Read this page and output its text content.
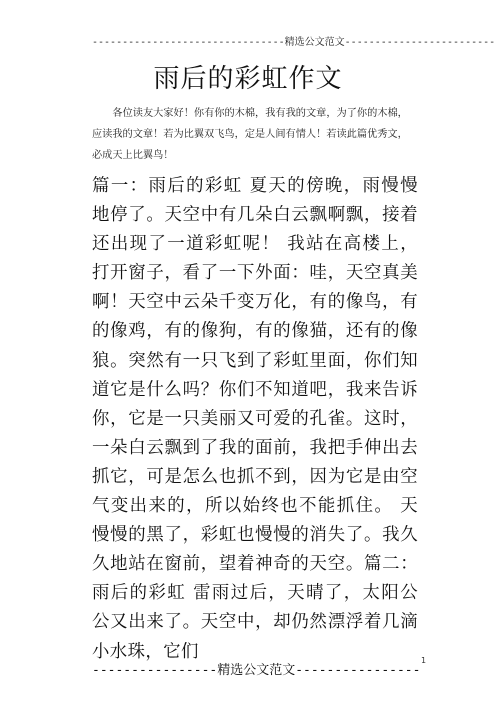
--------------------------------精选公文范文-------------------------
雨后的彩虹作文

各位读友大家好！你有你的木棉，我有我的文章，为了你的木棉，应读我的文章！若为比翼双飞鸟，定是人间有情人！若读此篇优秀文，必成天上比翼鸟！

篇一：雨后的彩虹 夏天的傍晚，雨慢慢地停了。天空中有几朵白云飘啊飘，接着还出现了一道彩虹呢！ 我站在高楼上，打开窗子，看了一下外面：哇，天空真美啊！天空中云朵千变万化，有的像鸟，有的像鸡，有的像狗，有的像猫，还有的像狼。突然有一只飞到了彩虹里面，你们知道它是什么吗？你们不知道吧，我来告诉你，它是一只美丽又可爱的孔雀。这时，一朵白云飘到了我的面前，我把手伸出去抓它，可是怎么也抓不到，因为它是由空气变出来的，所以始终也不能抓住。 天慢慢的黑了，彩虹也慢慢的消失了。我久久地站在窗前，望着神奇的天空。篇二：雨后的彩虹 雷雨过后，天晴了，太阳公公又出来了。天空中，却仍然漂浮着几滴小水珠，它们	1
----------------精选公文范文----------------
